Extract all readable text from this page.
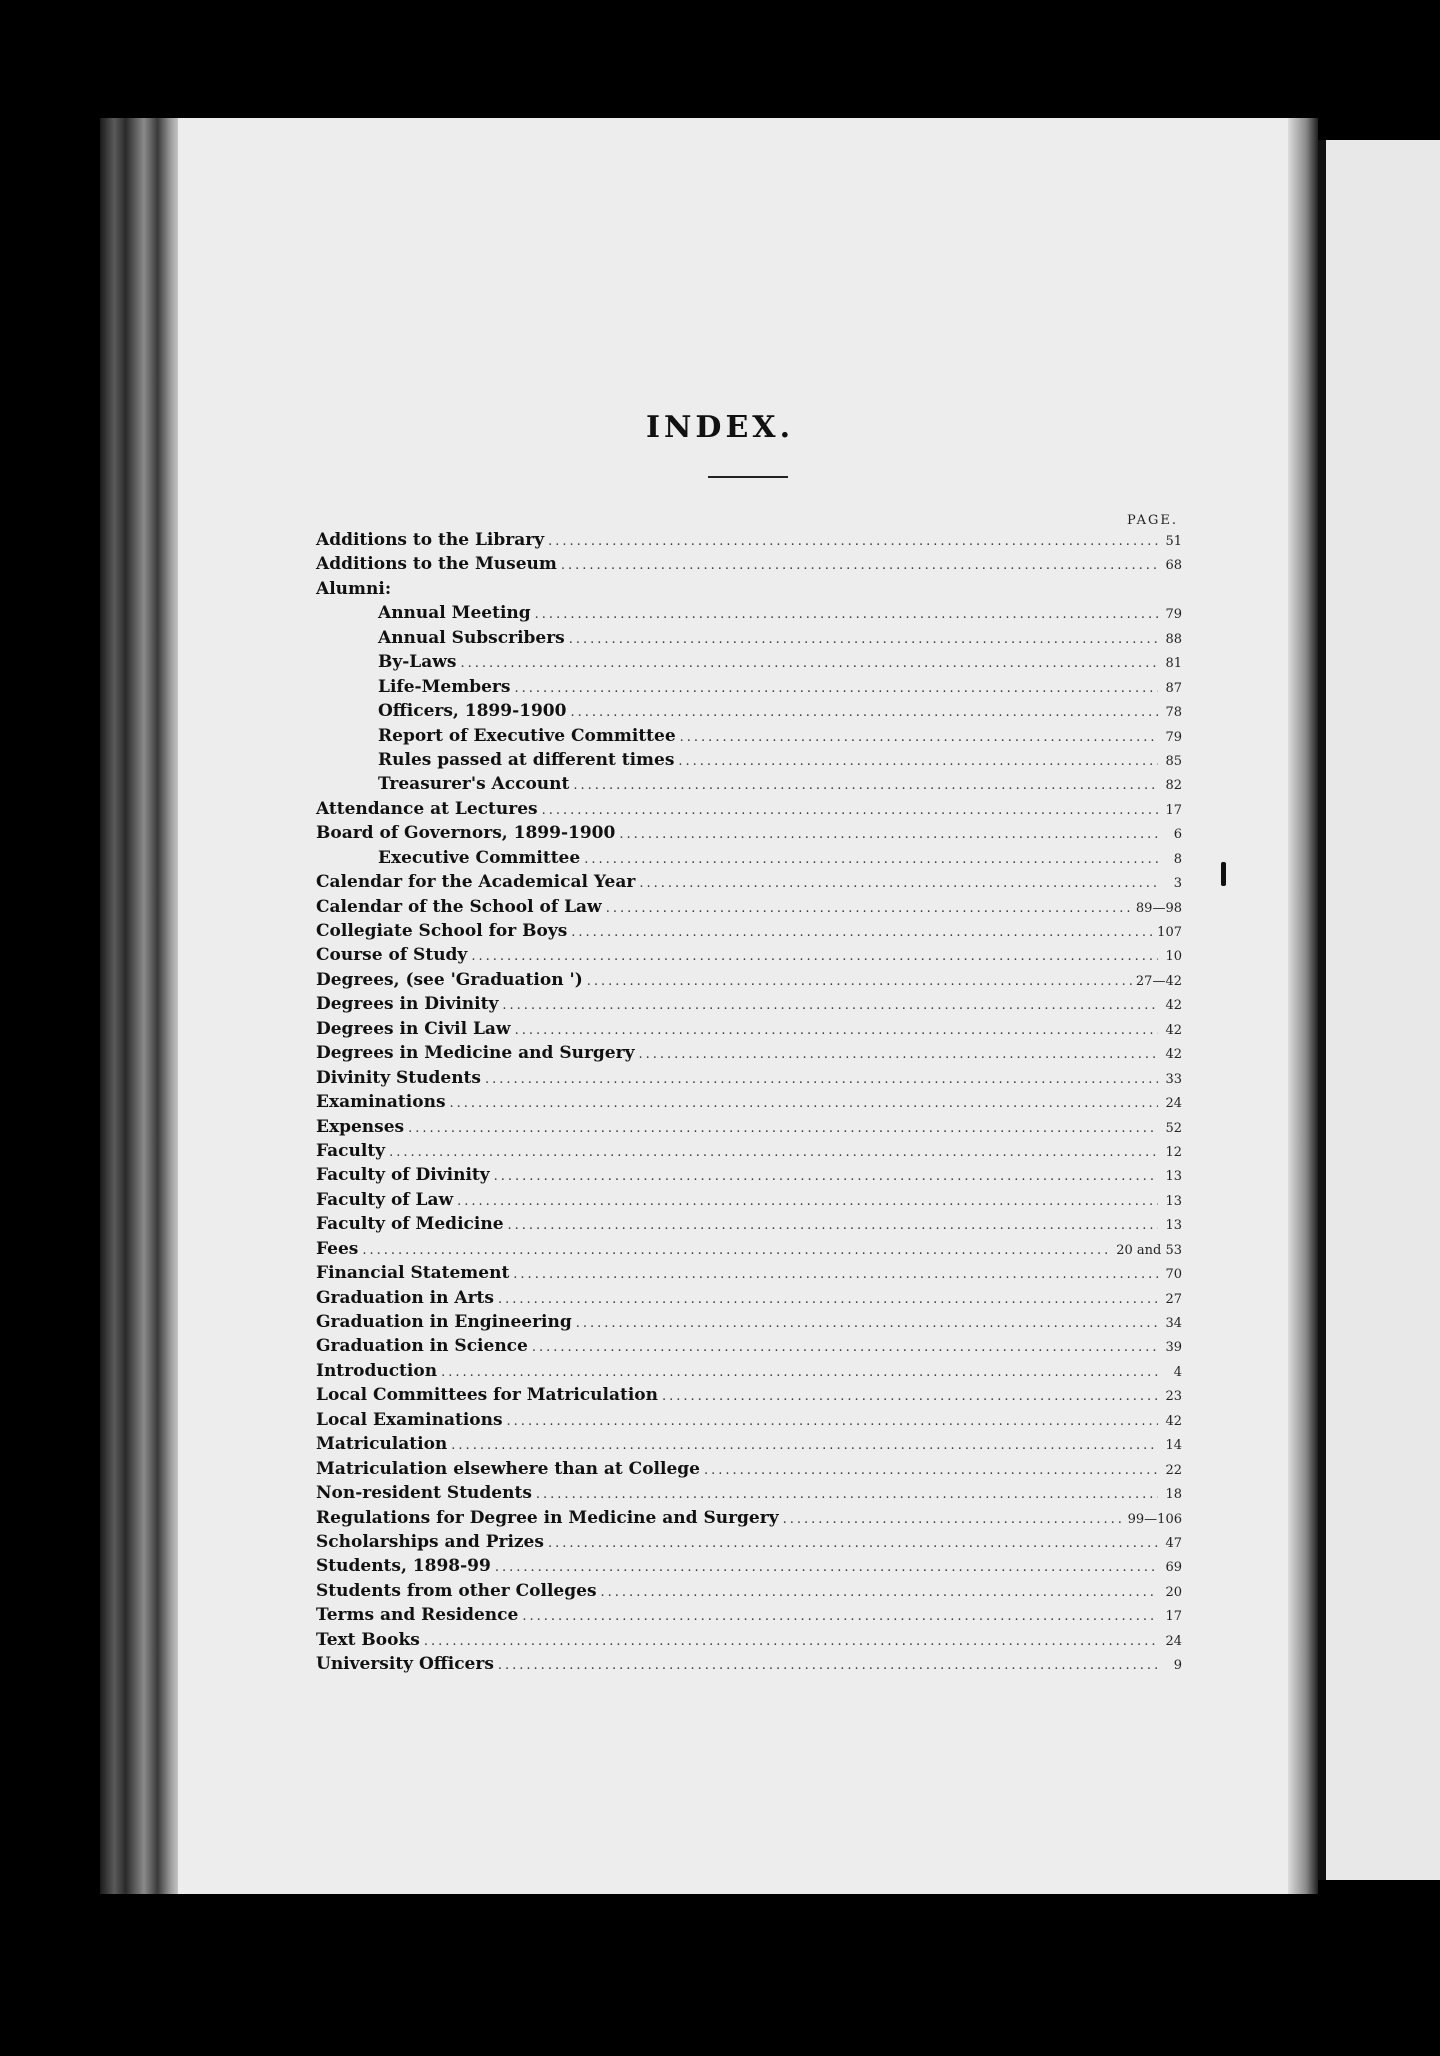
INDEX.
PAGE.
Additions to the Library .....	51
Additions to the Museum .....	68
Alumni:
Annual Meeting .....	79
Annual Subscribers .....	88
By-Laws .....	81
Life-Members .....	87
Officers, 1899-1900 .....	78
Report of Executive Committee .....	79
Rules passed at different times .....	85
Treasurer's Account .....	82
Attendance at Lectures .....	17
Board of Governors, 1899-1900 .....	6
Executive Committee .....	8
Calendar for the Academical Year .....	3
Calendar of the School of Law .....	89—98
Collegiate School for Boys .....	107
Course of Study .....	10
Degrees, (see 'Graduation ') .....	27—42
Degrees in Divinity .....	42
Degrees in Civil Law .....	42
Degrees in Medicine and Surgery .....	42
Divinity Students .....	33
Examinations .....	24
Expenses .....	52
Faculty .....	12
Faculty of Divinity .....	13
Faculty of Law .....	13
Faculty of Medicine .....	13
Fees .....	20 and 53
Financial Statement .....	70
Graduation in Arts .....	27
Graduation in Engineering .....	34
Graduation in Science .....	39
Introduction .....	4
Local Committees for Matriculation .....	23
Local Examinations .....	42
Matriculation .....	14
Matriculation elsewhere than at College .....	22
Non-resident Students .....	18
Regulations for Degree in Medicine and Surgery .....	99—106
Scholarships and Prizes .....	47
Students, 1898-99 .....	69
Students from other Colleges .....	20
Terms and Residence .....	17
Text Books .....	24
University Officers .....	9
